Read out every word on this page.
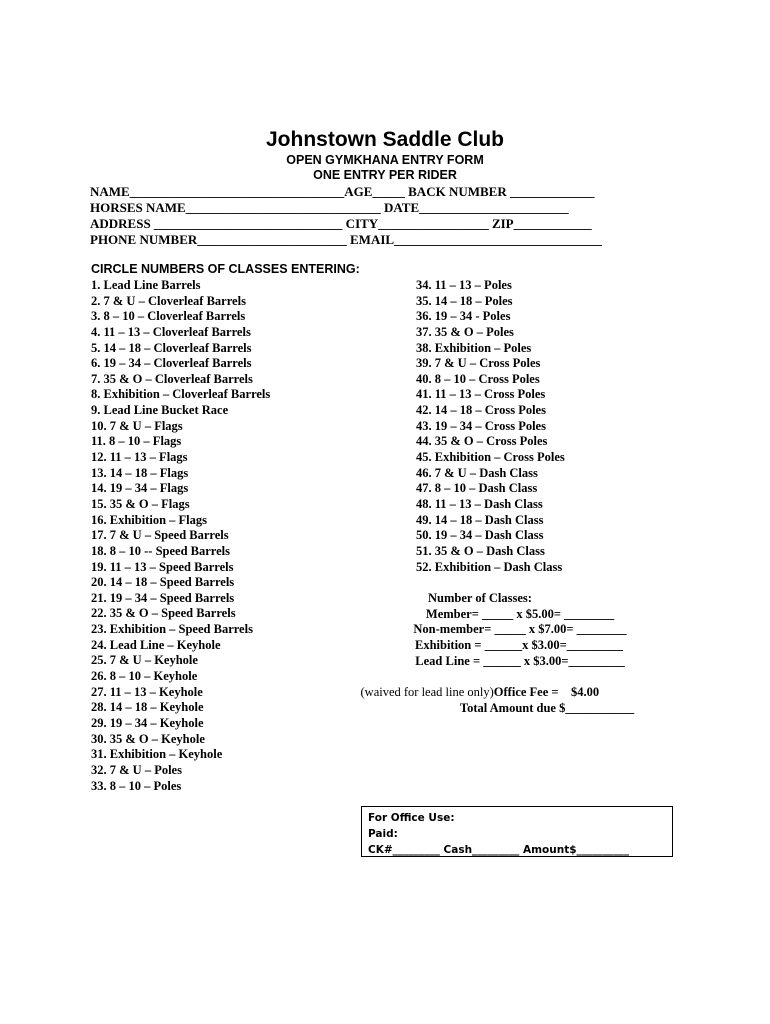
Johnstown Saddle Club
OPEN GYMKHANA ENTRY FORM
ONE ENTRY PER RIDER
NAME_________________________________AGE_____ BACK NUMBER _____________
HORSES NAME______________________________ DATE_______________________
ADDRESS _____________________________ CITY_________________ ZIP____________
PHONE NUMBER_______________________ EMAIL________________________________
CIRCLE NUMBERS OF CLASSES ENTERING:
1. Lead Line Barrels
2. 7 & U – Cloverleaf Barrels
3. 8 – 10 – Cloverleaf Barrels
4. 11 – 13 – Cloverleaf Barrels
5. 14 – 18 – Cloverleaf Barrels
6. 19 – 34 – Cloverleaf Barrels
7. 35 & O – Cloverleaf Barrels
8. Exhibition – Cloverleaf Barrels
9. Lead Line Bucket Race
10. 7 & U – Flags
11. 8 – 10 – Flags
12. 11 – 13 – Flags
13. 14 – 18 – Flags
14. 19 – 34 – Flags
15. 35 & O – Flags
16. Exhibition – Flags
17. 7 & U – Speed Barrels
18. 8 – 10 -- Speed Barrels
19. 11 – 13 – Speed Barrels
20. 14 – 18 – Speed Barrels
21. 19 – 34 – Speed Barrels
22. 35 & O – Speed Barrels
23. Exhibition – Speed Barrels
24. Lead Line – Keyhole
25. 7 & U – Keyhole
26. 8 – 10 – Keyhole
27. 11 – 13 – Keyhole
28. 14 – 18 – Keyhole
29. 19 – 34 – Keyhole
30. 35 & O – Keyhole
31. Exhibition – Keyhole
32. 7 & U – Poles
33. 8 – 10 – Poles
34. 11 – 13 – Poles
35. 14 – 18 – Poles
36. 19 – 34 - Poles
37. 35 & O – Poles
38. Exhibition – Poles
39. 7 & U – Cross Poles
40. 8 – 10 – Cross Poles
41. 11 – 13 – Cross Poles
42. 14 – 18 – Cross Poles
43. 19 – 34 – Cross Poles
44. 35 & O – Cross Poles
45. Exhibition – Cross Poles
46. 7 & U – Dash Class
47. 8 – 10 – Dash Class
48. 11 – 13 – Dash Class
49. 14 – 18 – Dash Class
50. 19 – 34 – Dash Class
51. 35 & O – Dash Class
52. Exhibition – Dash Class
Number of Classes:
Member= _____ x $5.00= ________
Non-member= _____ x $7.00= ________
Exhibition = ______x $3.00=_________
Lead Line = ______ x $3.00=_________

(waived for lead line only)Office Fee =    $4.00

Total Amount due $___________
For Office Use:
Paid:
CK#_________ Cash_________ Amount$__________
